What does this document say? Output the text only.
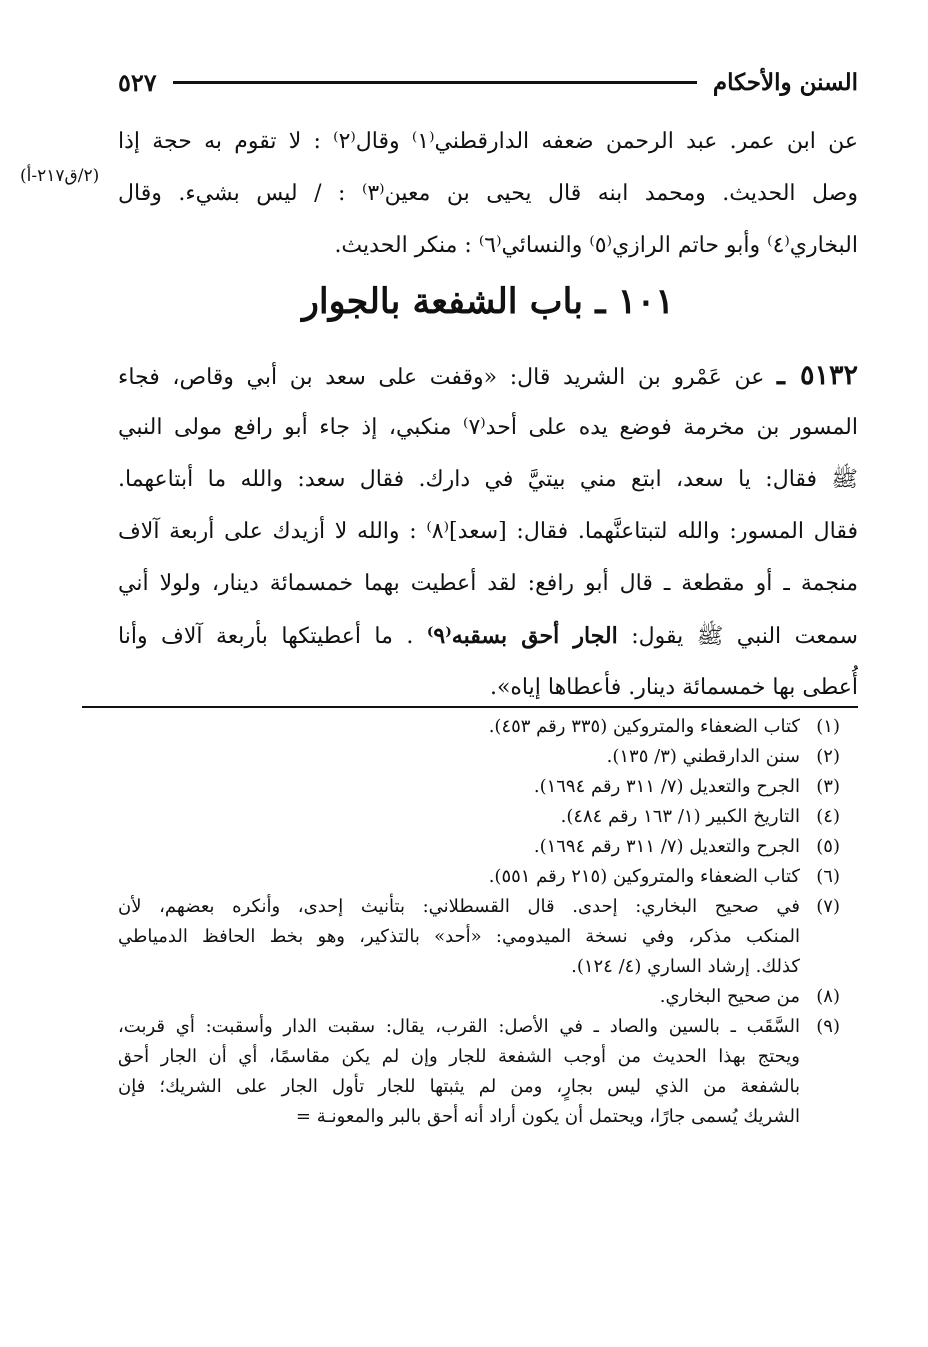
السنن والأحكام
٥٢٧
عن ابن عمر. عبد الرحمن ضعفه الدارقطني⁽١⁾ وقال⁽٢⁾ : لا تقوم به حجة إذا
وصل الحديث. ومحمد ابنه قال يحيى بن معين⁽٣⁾ : / ليس بشيء. وقال
البخاري⁽٤⁾ وأبو حاتم الرازي⁽٥⁾ والنسائي⁽٦⁾ : منكر الحديث.
(٢/ق٢١٧-أ)
١٠١ ـ باب الشفعة بالجوار
٥١٣٢ ـ عن عَمْرو بن الشريد قال: «وقفت على سعد بن أبي وقاص، فجاء
المسور بن مخرمة فوضع يده على أحد⁽٧⁾ منكبي، إذ جاء أبو رافع مولى النبي
ﷺ فقال: يا سعد، ابتع مني بيتيَّ في دارك. فقال سعد: والله ما أبتاعهما.
فقال المسور: والله لتبتاعنَّهما. فقال: [سعد]⁽٨⁾ : والله لا أزيدك على أربعة آلاف
منجمة ـ أو مقطعة ـ قال أبو رافع: لقد أعطيت بهما خمسمائة دينار، ولولا أني
سمعت النبي ﷺ يقول: الجار أحق بسقبه⁽٩⁾ . ما أعطيتكها بأربعة آلاف وأنا
أُعطى بها خمسمائة دينار. فأعطاها إياه».
(١)
كتاب الضعفاء والمتروكين (٣٣٥ رقم ٤٥٣).
(٢)
سنن الدارقطني (٣/ ١٣٥).
(٣)
الجرح والتعديل (٧/ ٣١١ رقم ١٦٩٤).
(٤)
التاريخ الكبير (١/ ١٦٣ رقم ٤٨٤).
(٥)
الجرح والتعديل (٧/ ٣١١ رقم ١٦٩٤).
(٦)
كتاب الضعفاء والمتروكين (٢١٥ رقم ٥٥١).
(٧)
في صحيح البخاري: إحدى. قال القسطلاني: بتأنيث إحدى، وأنكره بعضهم، لأن
المنكب مذكر، وفي نسخة الميدومي: «أحد» بالتذكير، وهو بخط الحافظ الدمياطي
كذلك. إرشاد الساري (٤/ ١٢٤).
(٨)
من صحيح البخاري.
(٩)
السَّقَب ـ بالسين والصاد ـ في الأصل: القرب، يقال: سقبت الدار وأسقبت: أي قربت،
ويحتج بهذا الحديث من أوجب الشفعة للجار وإن لم يكن مقاسمًا، أي أن الجار أحق
بالشفعة من الذي ليس بجارٍ، ومن لم يثبتها للجار تأول الجار على الشريك؛ فإن
الشريك يُسمى جارًا، ويحتمل أن يكون أراد أنه أحق بالبر والمعونـة =
